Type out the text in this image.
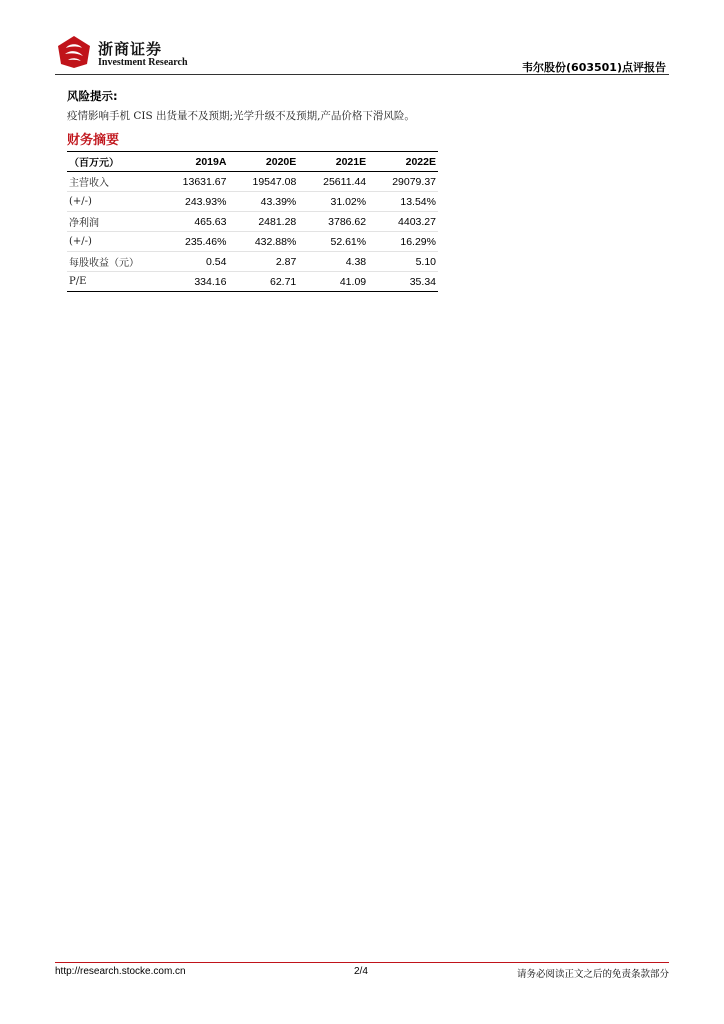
浙商证券
Investment Research	韦尔股份(603501)点评报告
风险提示:
疫情影响手机 CIS 出货量不及预期;光学升级不及预期,产品价格下滑风险。
财务摘要
（百万元）	2019A	2020E	2021E	2022E
主营收入	13631.67	19547.08	25611.44	29079.37
(+/-)	243.93%	43.39%	31.02%	13.54%
净利润	465.63	2481.28	3786.62	4403.27
(+/-)	235.46%	432.88%	52.61%	16.29%
每股收益（元）	0.54	2.87	4.38	5.10
P/E	334.16	62.71	41.09	35.34
http://research.stocke.com.cn	2/4	请务必阅读正文之后的免责条款部分
